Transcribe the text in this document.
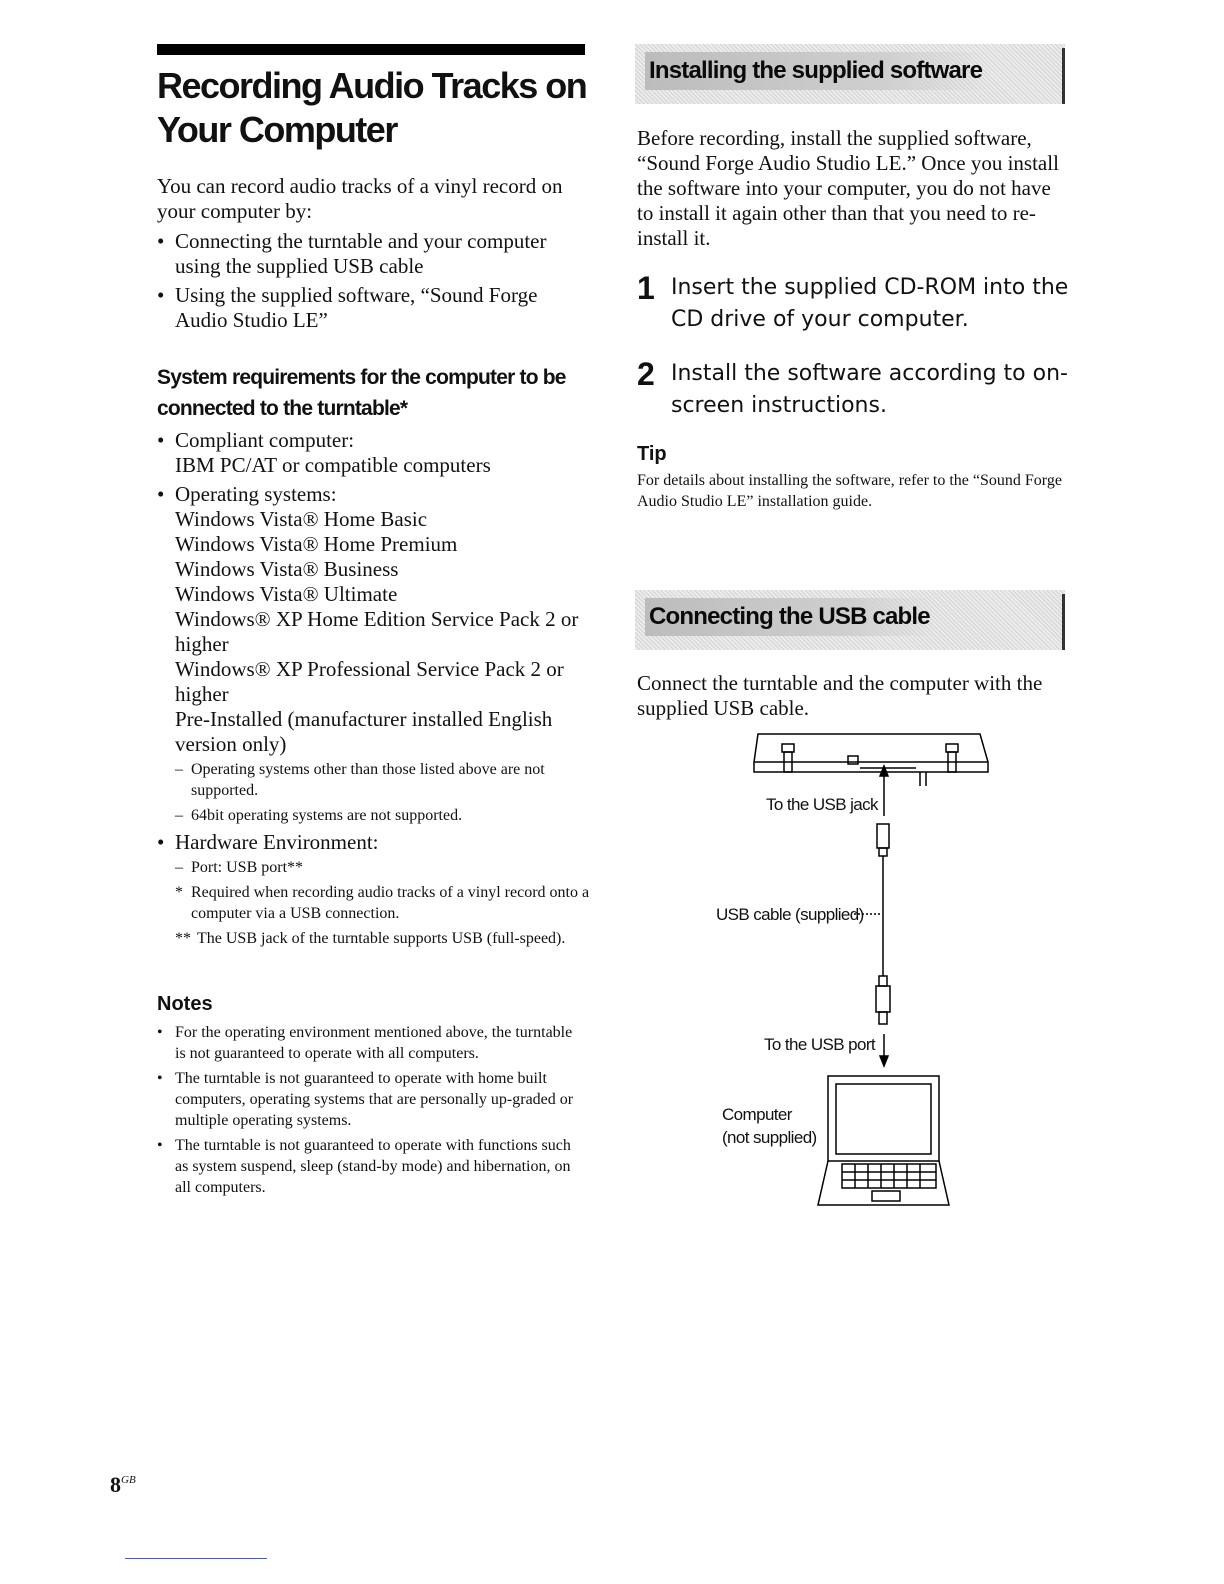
Recording Audio Tracks on
Your Computer

You can record audio tracks of a vinyl record on your computer by:

• Connecting the turntable and your computer using the supplied USB cable
• Using the supplied software, “Sound Forge Audio Studio LE”
System requirements for the computer to be
connected to the turntable*
• Compliant computer:
IBM PC/AT or compatible computers
• Operating systems:
Windows Vista® Home Basic
Windows Vista® Home Premium
Windows Vista® Business
Windows Vista® Ultimate
Windows® XP Home Edition Service Pack 2 or higher
Windows® XP Professional Service Pack 2 or higher
Pre-Installed (manufacturer installed English version only)
– Operating systems other than those listed above are not supported.
– 64bit operating systems are not supported.
• Hardware Environment:
– Port: USB port**
* Required when recording audio tracks of a vinyl record onto a computer via a USB connection.
** The USB jack of the turntable supports USB (full-speed).
Notes
• For the operating environment mentioned above, the turntable is not guaranteed to operate with all computers.
• The turntable is not guaranteed to operate with home built computers, operating systems that are personally up-graded or multiple operating systems.
• The turntable is not guaranteed to operate with functions such as system suspend, sleep (stand-by mode) and hibernation, on all computers.
$8^{GB}$
Installing the supplied software

Before recording, install the supplied software, “Sound Forge Audio Studio LE.” Once you install the software into your computer, you do not have to install it again other than that you need to re-install it.

1 Insert the supplied CD-ROM into the CD drive of your computer.
2 Install the software according to on-screen instructions.
Tip

For details about installing the software, refer to the “Sound Forge Audio Studio LE” installation guide.

Connecting the USB cable

Connect the turntable and the computer with the supplied USB cable.

To the USB jack
USB cable (supplied)
To the USB port
Computer
(not supplied)
